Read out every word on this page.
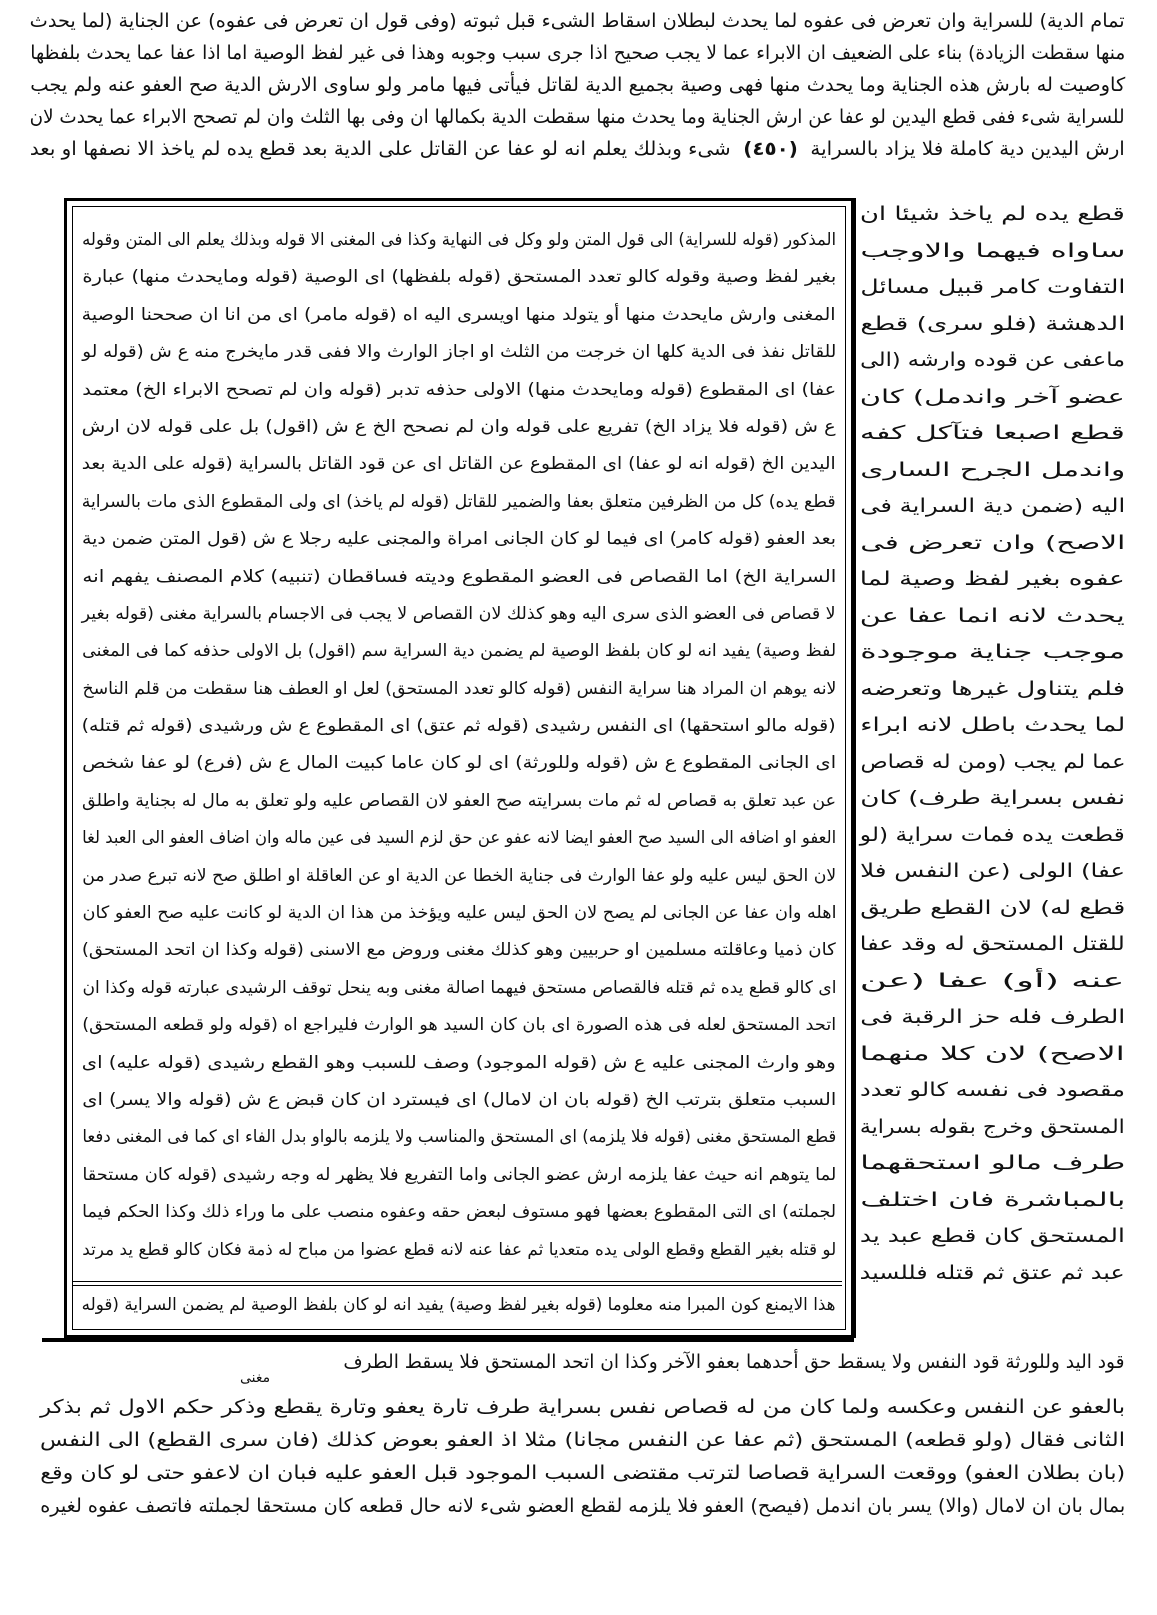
تمام الدية) للسراية وان تعرض فى عفوه لما يحدث لبطلان اسقاط الشىء قبل ثبوته (وفى قول ان تعرض فى عفوه) عن الجناية (لما يحدث
منها سقطت الزيادة) بناء على الضعيف ان الابراء عما لا يجب صحيح اذا جرى سبب وجوبه وهذا فى غير لفظ الوصية اما اذا عفا عما يحدث بلفظها
كاوصيت له بارش هذه الجناية وما يحدث منها فهى وصية بجميع الدية لقاتل فيأتى فيها مامر ولو ساوى الارش الدية صح العفو عنه ولم يجب
للسراية شىء ففى قطع اليدين لو عفا عن ارش الجناية وما يحدث منها سقطت الدية بكمالها ان وفى بها الثلث وان لم تصحح الابراء عما يحدث لان
ارش اليدين دية كاملة فلا يزاد بالسراية  (٤٥٠)  شىء وبذلك يعلم انه لو عفا عن القاتل على الدية بعد قطع يده لم ياخذ الا نصفها او بعد
المذكور (قوله للسراية) الى قول المتن ولو وكل فى النهاية وكذا فى المغنى الا قوله وبذلك يعلم الى المتن وقوله
بغير لفظ وصية وقوله كالو تعدد المستحق (قوله بلفظها) اى الوصية (قوله ومايحدث منها) عبارة
المغنى وارش مايحدث منها أو يتولد منها اويسرى اليه اه (قوله مامر) اى من انا ان صححنا الوصية
للقاتل نفذ فى الدية كلها ان خرجت من الثلث او اجاز الوارث والا ففى قدر مايخرج منه ع ش (قوله لو
عفا) اى المقطوع (قوله ومايحدث منها) الاولى حذفه تدبر (قوله وان لم تصحح الابراء الخ) معتمد
ع ش (قوله فلا يزاد الخ) تفريع على قوله وان لم نصحح الخ ع ش (اقول) بل على قوله لان ارش
اليدين الخ (قوله انه لو عفا) اى المقطوع عن القاتل اى عن قود القاتل بالسراية (قوله على الدية بعد
قطع يده) كل من الظرفين متعلق بعفا والضمير للقاتل (قوله لم ياخذ) اى ولى المقطوع الذى مات بالسراية
بعد العفو (قوله كامر) اى فيما لو كان الجانى امراة والمجنى عليه رجلا ع ش (قول المتن ضمن دية
السراية الخ) اما القصاص فى العضو المقطوع وديته فساقطان (تنبيه) كلام المصنف يفهم انه
لا قصاص فى العضو الذى سرى اليه وهو كذلك لان القصاص لا يجب فى الاجسام بالسراية مغنى (قوله بغير
لفظ وصية) يفيد انه لو كان بلفظ الوصية لم يضمن دية السراية سم (اقول) بل الاولى حذفه كما فى المغنى
لانه يوهم ان المراد هنا سراية النفس (قوله كالو تعدد المستحق) لعل او العطف هنا سقطت من قلم الناسخ
(قوله مالو استحقها) اى النفس رشيدى (قوله ثم عتق) اى المقطوع ع ش ورشيدى (قوله ثم قتله)
اى الجانى المقطوع ع ش (قوله وللورثة) اى لو كان عاما كبيت المال ع ش (فرع) لو عفا شخص
عن عبد تعلق به قصاص له ثم مات بسرايته صح العفو لان القصاص عليه ولو تعلق به مال له بجناية واطلق
العفو او اضافه الى السيد صح العفو ايضا لانه عفو عن حق لزم السيد فى عين ماله وان اضاف العفو الى العبد لغا
لان الحق ليس عليه ولو عفا الوارث فى جناية الخطا عن الدية او عن العاقلة او اطلق صح لانه تبرع صدر من
اهله وان عفا عن الجانى لم يصح لان الحق ليس عليه ويؤخذ من هذا ان الدية لو كانت عليه صح العفو كان
كان ذميا وعاقلته مسلمين او حربيين وهو كذلك مغنى وروض مع الاسنى (قوله وكذا ان اتحد المستحق)
اى كالو قطع يده ثم قتله فالقصاص مستحق فيهما اصالة مغنى وبه ينحل توقف الرشيدى عبارته قوله وكذا ان
اتحد المستحق لعله فى هذه الصورة اى بان كان السيد هو الوارث فليراجع اه (قوله ولو قطعه المستحق)
وهو وارث المجنى عليه ع ش (قوله الموجود) وصف للسبب وهو القطع رشيدى (قوله عليه) اى
السبب متعلق بترتب الخ (قوله بان ان لامال) اى فيسترد ان كان قبض ع ش (قوله والا يسر) اى
قطع المستحق مغنى (قوله فلا يلزمه) اى المستحق والمناسب ولا يلزمه بالواو بدل الفاء اى كما فى المغنى دفعا
لما يتوهم انه حيث عفا يلزمه ارش عضو الجانى واما التفريع فلا يظهر له وجه رشيدى (قوله كان مستحقا
لجملته) اى التى المقطوع بعضها فهو مستوف لبعض حقه وعفوه منصب على ما وراء ذلك وكذا الحكم فيما
لو قتله بغير القطع وقطع الولى يده متعديا ثم عفا عنه لانه قطع عضوا من مباح له ذمة فكان كالو قطع يد مرتد
هذا الايمنع كون المبرا منه معلوما (قوله بغير لفظ وصية) يفيد انه لو كان بلفظ الوصية لم يضمن السراية (قوله
قطع يده لم ياخذ شيئا ان
ساواه فيهما والاوجب
التفاوت كامر قبيل مسائل
الدهشة (فلو سرى) قطع
ماعفى عن قوده وارشه (الى
عضو آخر واندمل) كان
قطع اصبعا فتآكل كفه
واندمل الجرح السارى
اليه (ضمن دية السراية فى
الاصح) وان تعرض فى
عفوه بغير لفظ وصية لما
يحدث لانه انما عفا عن
موجب جناية موجودة
فلم يتناول غيرها وتعرضه
لما يحدث باطل لانه ابراء
عما لم يجب (ومن له قصاص
نفس بسراية طرف) كان
قطعت يده فمات سراية (لو
عفا) الولى (عن النفس فلا
قطع له) لان القطع طريق
للقتل المستحق له وقد عفا
عنه (أو) عفا (عن
الطرف فله حز الرقبة فى
الاصح) لان كلا منهما
مقصود فى نفسه كالو تعدد
المستحق وخرج بقوله بسراية
طرف مالو استحقهما
بالمباشرة فان اختلف
المستحق كان قطع عبد يد
عبد ثم عتق ثم قتله فللسيد
قود اليد وللورثة قود النفس ولا يسقط حق أحدهما بعفو الآخر وكذا ان اتحد المستحق فلا يسقط الطرف
بالعفو عن النفس وعكسه ولما كان من له قصاص نفس بسراية طرف تارة يعفو وتارة يقطع وذكر حكم الاول ثم بذكر
الثانى فقال (ولو قطعه) المستحق (ثم عفا عن النفس مجانا) مثلا اذ العفو بعوض كذلك (فان سرى القطع) الى النفس
(بان بطلان العفو) ووقعت السراية قصاصا لترتب مقتضى السبب الموجود قبل العفو عليه فبان ان لاعفو حتى لو كان وقع
بمال بان ان لامال (والا) يسر بان اندمل (فيصح) العفو فلا يلزمه لقطع العضو شىء لانه حال قطعه كان مستحقا لجملته فاتصف عفوه لغيره
مغنى
